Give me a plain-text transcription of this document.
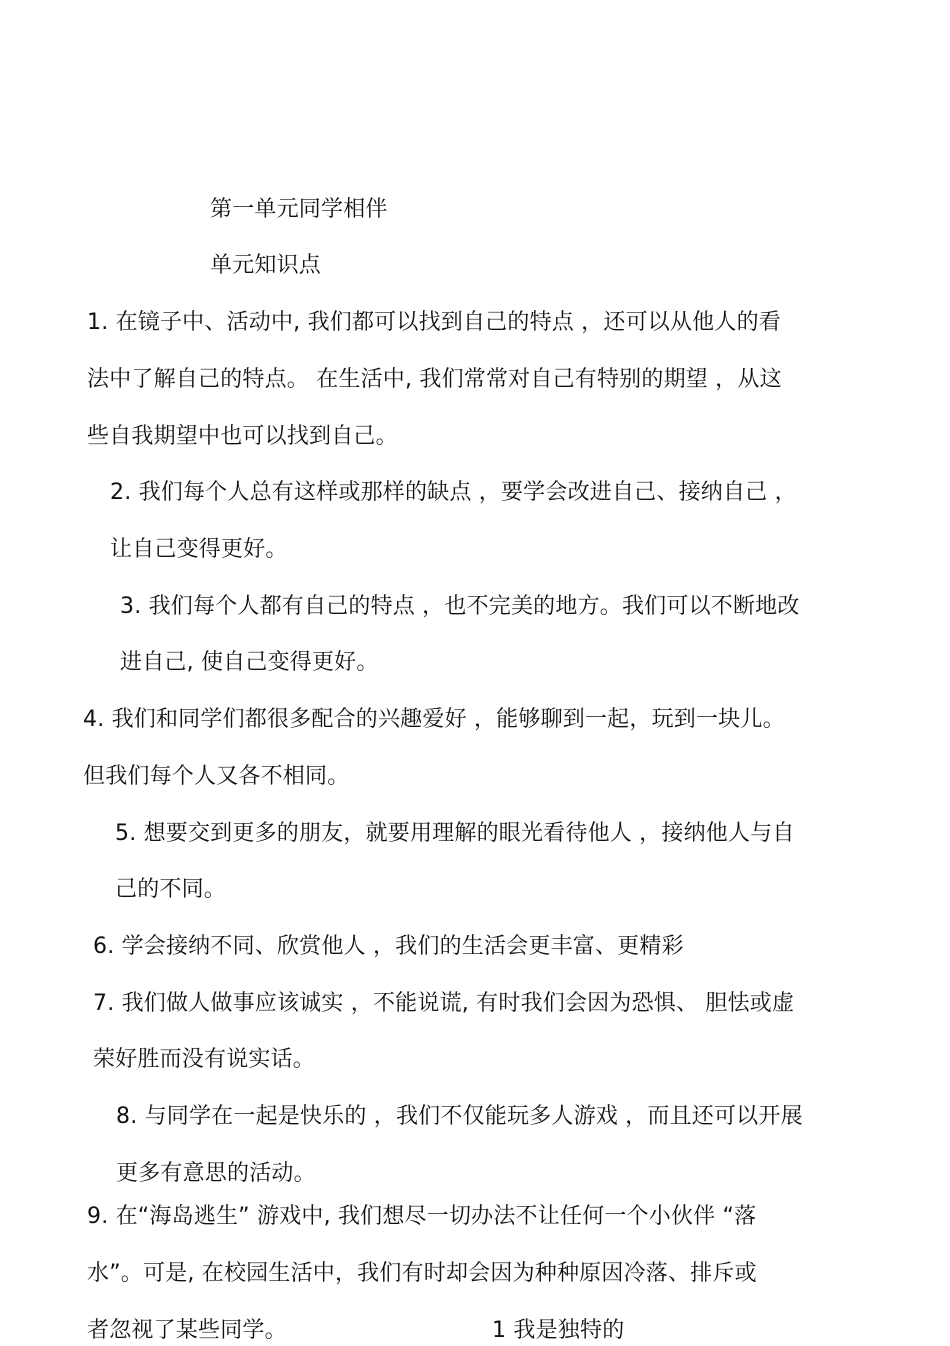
第一单元同学相伴
单元知识点
1. 在镜子中、活动中, 我们都可以找到自己的特点 ，还可以从他人的看
法中了解自己的特点。 在生活中, 我们常常对自己有特别的期望 ，从这
些自我期望中也可以找到自己。
2. 我们每个人总有这样或那样的缺点 ，要学会改进自己、接纳自己 ，
让自己变得更好。
3. 我们每个人都有自己的特点 ，也不完美的地方。我们可以不断地改
进自己, 使自己变得更好。
4. 我们和同学们都很多配合的兴趣爱好 ，能够聊到一起，玩到一块儿。
但我们每个人又各不相同。
5. 想要交到更多的朋友，就要用理解的眼光看待他人 ，接纳他人与自
己的不同。
6. 学会接纳不同、欣赏他人 ，我们的生活会更丰富、更精彩
7. 我们做人做事应该诚实 ，不能说谎, 有时我们会因为恐惧、 胆怯或虚
荣好胜而没有说实话。
8. 与同学在一起是快乐的 ，我们不仅能玩多人游戏 ，而且还可以开展
更多有意思的活动。
9. 在“海岛逃生” 游戏中, 我们想尽一切办法不让任何一个小伙伴 “落
水”。可是, 在校园生活中，我们有时却会因为种种原因冷落、排斥或
者忽视了某些同学。	1 我是独特的
